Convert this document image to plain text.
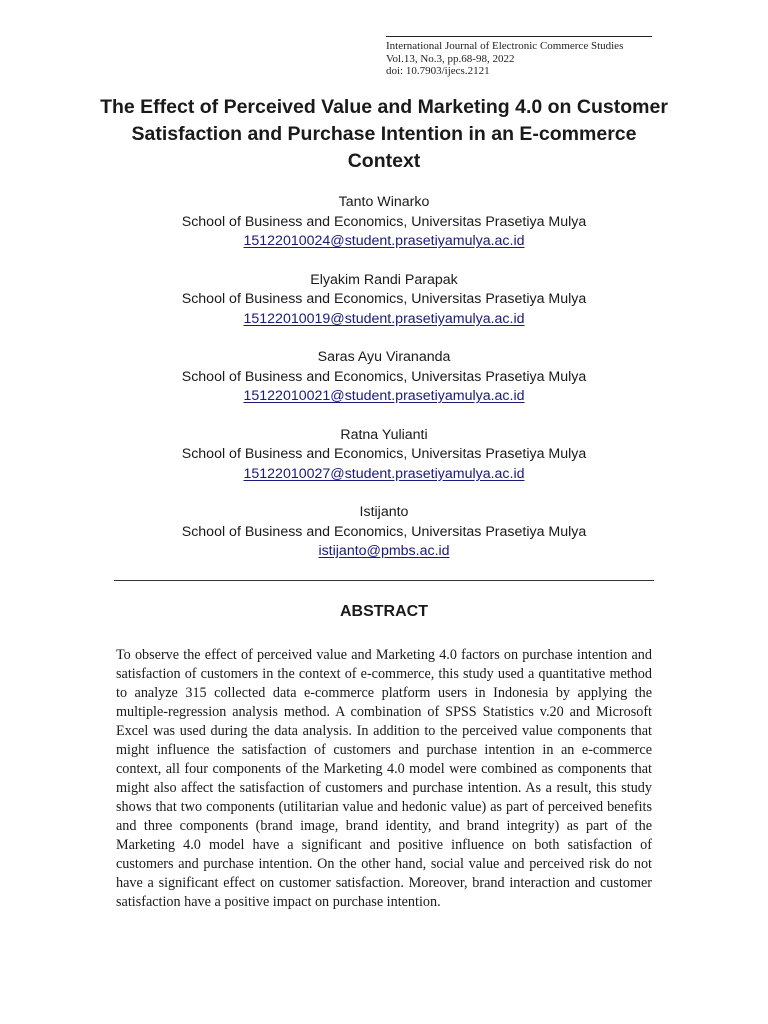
International Journal of Electronic Commerce Studies
Vol.13, No.3, pp.68-98, 2022
doi: 10.7903/ijecs.2121
The Effect of Perceived Value and Marketing 4.0 on Customer Satisfaction and Purchase Intention in an E-commerce Context
Tanto Winarko
School of Business and Economics, Universitas Prasetiya Mulya
15122010024@student.prasetiyamulya.ac.id
Elyakim Randi Parapak
School of Business and Economics, Universitas Prasetiya Mulya
15122010019@student.prasetiyamulya.ac.id
Saras Ayu Virananda
School of Business and Economics, Universitas Prasetiya Mulya
15122010021@student.prasetiyamulya.ac.id
Ratna Yulianti
School of Business and Economics, Universitas Prasetiya Mulya
15122010027@student.prasetiyamulya.ac.id
Istijanto
School of Business and Economics, Universitas Prasetiya Mulya
istijanto@pmbs.ac.id
ABSTRACT
To observe the effect of perceived value and Marketing 4.0 factors on purchase intention and satisfaction of customers in the context of e-commerce, this study used a quantitative method to analyze 315 collected data e-commerce platform users in Indonesia by applying the multiple-regression analysis method. A combination of SPSS Statistics v.20 and Microsoft Excel was used during the data analysis. In addition to the perceived value components that might influence the satisfaction of customers and purchase intention in an e-commerce context, all four components of the Marketing 4.0 model were combined as components that might also affect the satisfaction of customers and purchase intention. As a result, this study shows that two components (utilitarian value and hedonic value) as part of perceived benefits and three components (brand image, brand identity, and brand integrity) as part of the Marketing 4.0 model have a significant and positive influence on both satisfaction of customers and purchase intention. On the other hand, social value and perceived risk do not have a significant effect on customer satisfaction. Moreover, brand interaction and customer satisfaction have a positive impact on purchase intention.
